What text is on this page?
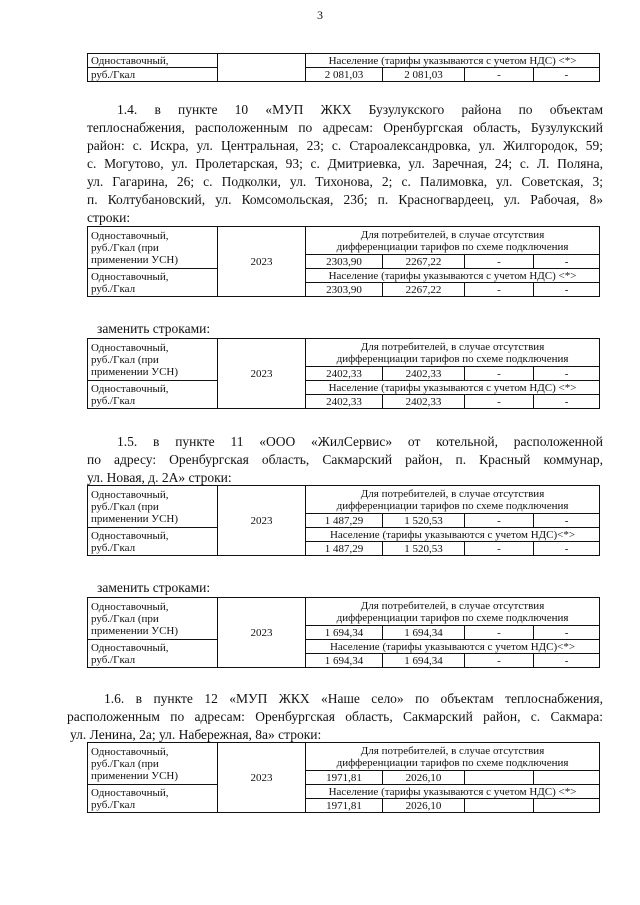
3
Одноставочный,		Население (тарифы указываются с учетом НДС) <*>			
руб./Гкал		2 081,03	2 081,03	-	-
1.4. в пункте 10 «МУП ЖКХ Бузулукского района по объектам
теплоснабжения, расположенным по адресам: Оренбургская область, Бузулукский
район: с. Искра, ул. Центральная, 23; с. Староалександровка, ул. Жилгородок, 59;
с. Могутово, ул. Пролетарская, 93; с. Дмитриевка, ул. Заречная, 24; с. Л. Поляна,
ул. Гагарина, 26; с. Подколки, ул. Тихонова, 2; с. Палимовка, ул. Советская, 3;
п. Колтубановский, ул. Комсомольская, 23б; п. Красногвардеец, ул. Рабочая, 8»
строки:
Одноставочный,
руб./Гкал (при
применении УСН)	2023	Для потребителей, в случае отсутствия
дифференциации тарифов по схеме подключения			
		2303,90	2267,22	-	-
Одноставочный,
руб./Гкал		Население (тарифы указываются с учетом НДС) <*>			
		2303,90	2267,22	-	-
заменить строками:
Одноставочный,
руб./Гкал (при
применении УСН)	2023	Для потребителей, в случае отсутствия
дифференциации тарифов по схеме подключения			
		2402,33	2402,33	-	-
Одноставочный,
руб./Гкал		Население (тарифы указываются с учетом НДС) <*>			
		2402,33	2402,33	-	-
1.5. в пункте 11 «ООО «ЖилСервис» от котельной, расположенной
по адресу: Оренбургская область, Сакмарский район, п. Красный коммунар,
ул. Новая, д. 2А» строки:
Одноставочный,
руб./Гкал (при
применении УСН)	2023	Для потребителей, в случае отсутствия
дифференциации тарифов по схеме подключения			
		1 487,29	1 520,53	-	-
Одноставочный,
руб./Гкал		Население (тарифы указываются с учетом НДС)<*>			
		1 487,29	1 520,53	-	-
заменить строками:
Одноставочный,
руб./Гкал (при
применении УСН)	2023	Для потребителей, в случае отсутствия
дифференциации тарифов по схеме подключения			
		1 694,34	1 694,34	-	-
Одноставочный,
руб./Гкал		Население (тарифы указываются с учетом НДС)<*>			
		1 694,34	1 694,34	-	-
1.6. в пункте 12 «МУП ЖКХ «Наше село» по объектам теплоснабжения,
расположенным по адресам: Оренбургская область, Сакмарский район, с. Сакмара:
ул. Ленина, 2а; ул. Набережная, 8а» строки:
Одноставочный,
руб./Гкал (при
применении УСН)	2023	Для потребителей, в случае отсутствия
дифференциации тарифов по схеме подключения			
		1971,81	2026,10		
Одноставочный,
руб./Гкал		Население (тарифы указываются с учетом НДС) <*>			
		1971,81	2026,10		
